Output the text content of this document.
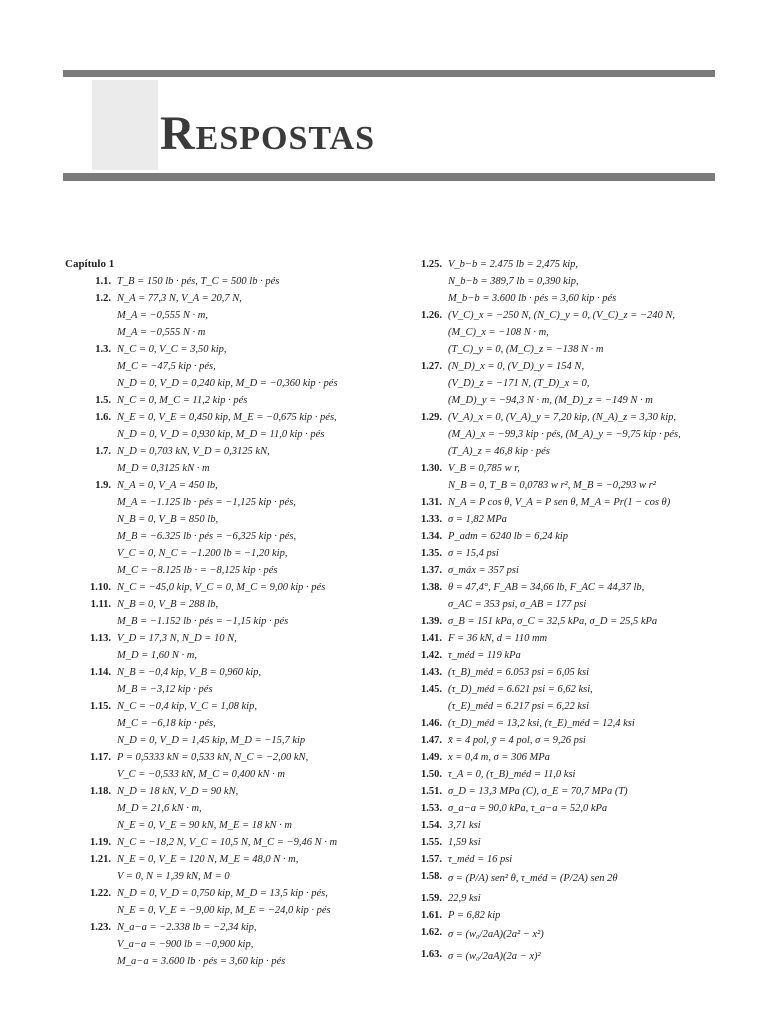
Respostas
Capítulo 1
1.1. T_B = 150 lb · pés, T_C = 500 lb · pés
1.2. N_A = 77,3 N, V_A = 20,7 N,
M_A = −0,555 N · m,
M_A = −0,555 N · m
1.3. N_C = 0, V_C = 3,50 kip,
M_C = −47,5 kip · pés,
N_D = 0, V_D = 0,240 kip, M_D = −0,360 kip · pés
1.5. N_C = 0, M_C = 11,2 kip · pés
1.6. N_E = 0, V_E = 0,450 kip, M_E = −0,675 kip · pés,
N_D = 0, V_D = 0,930 kip, M_D = 11,0 kip · pés
1.7. N_D = 0,703 kN, V_D = 0,3125 kN,
M_D = 0,3125 kN · m
1.9. N_A = 0, V_A = 450 lb,
M_A = −1.125 lb · pés = −1,125 kip · pés,
N_B = 0, V_B = 850 lb,
M_B = −6.325 lb · pés = −6,325 kip · pés,
V_C = 0, N_C = −1.200 lb = −1,20 kip,
M_C = −8.125 lb · = −8,125 kip · pés
1.10. N_C = −45,0 kip, V_C = 0, M_C = 9,00 kip · pés
1.11. N_B = 0, V_B = 288 lb,
M_B = −1.152 lb · pés = −1,15 kip · pés
1.13. V_D = 17,3 N, N_D = 10 N,
M_D = 1,60 N · m,
1.14. N_B = −0,4 kip, V_B = 0,960 kip,
M_B = −3,12 kip · pés
1.15. N_C = −0,4 kip, V_C = 1,08 kip,
M_C = −6,18 kip · pés,
N_D = 0, V_D = 1,45 kip, M_D = −15,7 kip
1.17. P = 0,5333 kN = 0,533 kN, N_C = −2,00 kN,
V_C = −0,533 kN, M_C = 0,400 kN · m
1.18. N_D = 18 kN, V_D = 90 kN,
M_D = 21,6 kN · m,
N_E = 0, V_E = 90 kN, M_E = 18 kN · m
1.19. N_C = −18,2 N, V_C = 10,5 N, M_C = −9,46 N · m
1.21. N_E = 0, V_E = 120 N, M_E = 48,0 N · m,
V = 0, N = 1,39 kN, M = 0
1.22. N_D = 0, V_D = 0,750 kip, M_D = 13,5 kip · pés,
N_E = 0, V_E = −9,00 kip, M_E = −24,0 kip · pés
1.23. N_a−a = −2.338 lb = −2,34 kip,
V_a−a = −900 lb = −0,900 kip,
M_a−a = 3.600 lb · pés = 3,60 kip · pés
1.25. V_b−b = 2.475 lb = 2,475 kip,
N_b−b = 389,7 lb = 0,390 kip,
M_b−b = 3.600 lb · pés = 3,60 kip · pés
1.26. (V_C)_x = −250 N, (N_C)_y = 0, (V_C)_z = −240 N,
(M_C)_x = −108 N · m,
(T_C)_y = 0, (M_C)_z = −138 N · m
1.27. (N_D)_x = 0, (V_D)_y = 154 N,
(V_D)_z = −171 N, (T_D)_x = 0,
(M_D)_y = −94,3 N · m, (M_D)_z = −149 N · m
1.29. (V_A)_x = 0, (V_A)_y = 7,20 kip, (N_A)_z = 3,30 kip,
(M_A)_x = −99,3 kip · pés, (M_A)_y = −9,75 kip · pés,
(T_A)_z = 46,8 kip · pés
1.30. V_B = 0,785 w r,
N_B = 0, T_B = 0,0783 w r², M_B = −0,293 w r²
1.31. N_A = P cos θ, V_A = P sen θ, M_A = Pr(1 − cos θ)
1.33. σ = 1,82 MPa
1.34. P_adm = 6240 lb = 6,24 kip
1.35. σ = 15,4 psi
1.37. σ_máx = 357 psi
1.38. θ = 47,4°, F_AB = 34,66 lb, F_AC = 44,37 lb,
σ_AC = 353 psi, σ_AB = 177 psi
1.39. σ_B = 151 kPa, σ_C = 32,5 kPa, σ_D = 25,5 kPa
1.41. F = 36 kN, d = 110 mm
1.42. τ_méd = 119 kPa
1.43. (τ_B)_méd = 6.053 psi = 6,05 ksi
1.45. (τ_D)_méd = 6.621 psi = 6,62 ksi,
(τ_E)_méd = 6.217 psi = 6,22 ksi
1.46. (τ_D)_méd = 13,2 ksi, (τ_E)_méd = 12,4 ksi
1.47. x̄ = 4 pol, ȳ = 4 pol, σ = 9,26 psi
1.49. x = 0,4 m, σ = 306 MPa
1.50. τ_A = 0, (τ_B)_méd = 11,0 ksi
1.51. σ_D = 13,3 MPa (C), σ_E = 70,7 MPa (T)
1.53. σ_a−a = 90,0 kPa, τ_a−a = 52,0 kPa
1.54. 3,71 ksi
1.55. 1,59 ksi
1.57. τ_méd = 16 psi
1.58. σ = (P/A) sen² θ, τ_méd = (P/2A) sen 2θ
1.59. 22,9 ksi
1.61. P = 6,82 kip
1.62. σ = (w₀/2aA)(2a² − x²)
1.63. σ = (w₀/2aA)(2a − x)²
